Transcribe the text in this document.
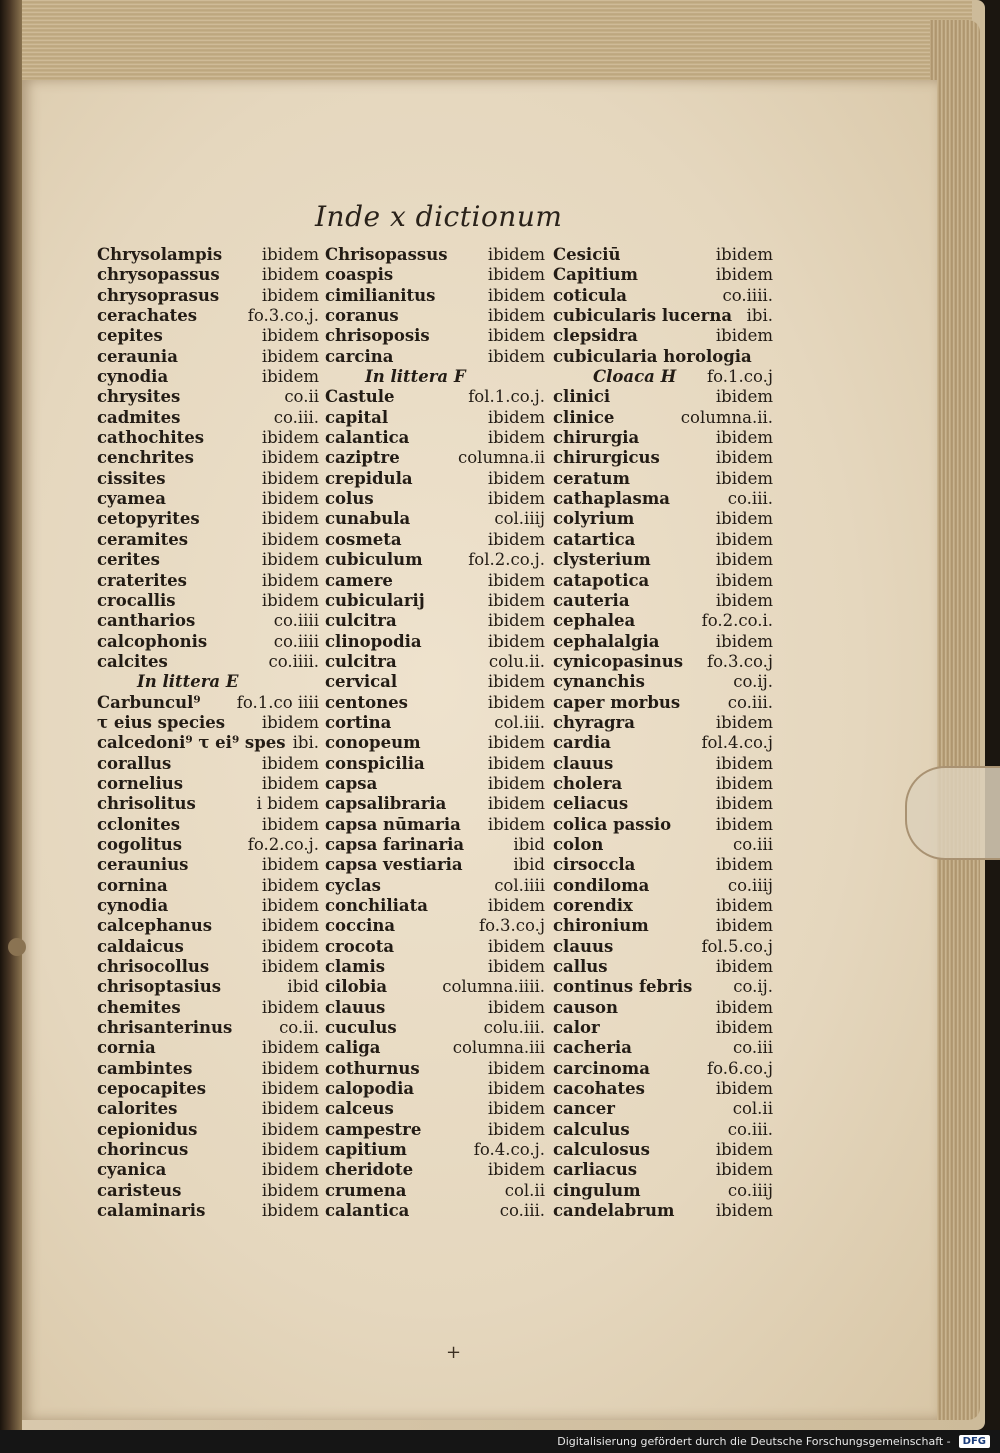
Inde x dictionum
Chrysolampis ibidem
chrysopassus	ibidem
chrysoprasus	ibidem
cerachates	fo.3.co.j.
cepites	ibidem
ceraunia	ibidem
cynodia	ibidem
chrysites	co.ii
cadmites	co.iii.
cathochites	ibidem
cenchrites	ibidem
cissites	ibidem
cyamea	ibidem
cetopyrites	ibidem
ceramites	ibidem
cerites	ibidem
craterites	ibidem
crocallis	ibidem
cantharios	co.iiii
calcophonis	co.iiii
calcites	co.iiii.
In littera E
Carbuncul⁹ fo.1.co iiii
τ eius species ibidem
calcedoni⁹ τ ei⁹ spes ibi.
corallus	ibidem
cornelius	ibidem
chrisolitus	i bidem
cclonites	ibidem
cogolitus	fo.2.co.j.
ceraunius	ibidem
cornina	ibidem
cynodia	ibidem
calcephanus	ibidem
caldaicus	ibidem
chrisocollus	ibidem
chrisoptasius	ibid
chemites	ibidem
chrisanterinus	co.ii.
cornia	ibidem
cambintes	ibidem
cepocapites	ibidem
calorites	ibidem
cepionidus	ibidem
chorincus	ibidem
cyanica	ibidem
caristeus	ibidem
calaminaris	ibidem
Chrisopassus ibidem
coaspis	ibidem
cimilianitus	ibidem
coranus	ibidem
chrisoposis	ibidem
carcina	ibidem
In littera F
Castule	fol.1.co.j.
capital	ibidem
calantica	ibidem
caziptre	columna.ii
crepidula	ibidem
colus	ibidem
cunabula	col.iiij
cosmeta	ibidem
cubiculum	fol.2.co.j.
camere	ibidem
cubicularij	ibidem
culcitra	ibidem
clinopodia	ibidem
culcitra	colu.ii.
cervical	ibidem
centones	ibidem
cortina	col.iii.
conopeum	ibidem
conspicilia	ibidem
capsa	ibidem
capsalibraria	ibidem
capsa nūmaria ibidem
capsa farinaria	ibid
capsa vestiaria	ibid
cyclas	col.iiii
conchiliata	ibidem
coccina	fo.3.co.j
crocota	ibidem
clamis	ibidem
cilobia	columna.iiii.
clauus	ibidem
cuculus	colu.iii.
caliga	columna.iii
cothurnus	ibidem
calopodia	ibidem
calceus	ibidem
campestre	ibidem
capitium	fo.4.co.j.
cheridote	ibidem
crumena	col.ii
calantica	co.iii.
Cesiciū	ibidem
Capitium	ibidem
coticula	co.iiii.
cubicularis lucerna ibi.
clepsidra	ibidem
cubicularia horologia
Cloaca H fo.1.co.j
clinici	ibidem
clinice	columna.ii.
chirurgia	ibidem
chirurgicus	ibidem
ceratum	ibidem
cathaplasma	co.iii.
colyrium	ibidem
catartica	ibidem
clysterium	ibidem
catapotica	ibidem
cauteria	ibidem
cephalea	fo.2.co.i.
cephalalgia	ibidem
cynicopasinus fo.3.co.j
cynanchis	co.ij.
caper morbus	co.iii.
chyragra	ibidem
cardia	fol.4.co.j
clauus	ibidem
cholera	ibidem
celiacus	ibidem
colica passio	ibidem
colon	co.iii
cirsoccla	ibidem
condiloma	co.iiij
corendix	ibidem
chironium	ibidem
clauus	fol.5.co.j
callus	ibidem
continus febris co.ij.
causon	ibidem
calor	ibidem
cacheria	co.iii
carcinoma	fo.6.co.j
cacohates	ibidem
cancer	col.ii
calculus	co.iii.
calculosus	ibidem
carliacus	ibidem
cingulum	co.iiij
candelabrum	ibidem
+
Digitalisierung gefördert durch die Deutsche Forschungsgemeinschaft -	DFG
